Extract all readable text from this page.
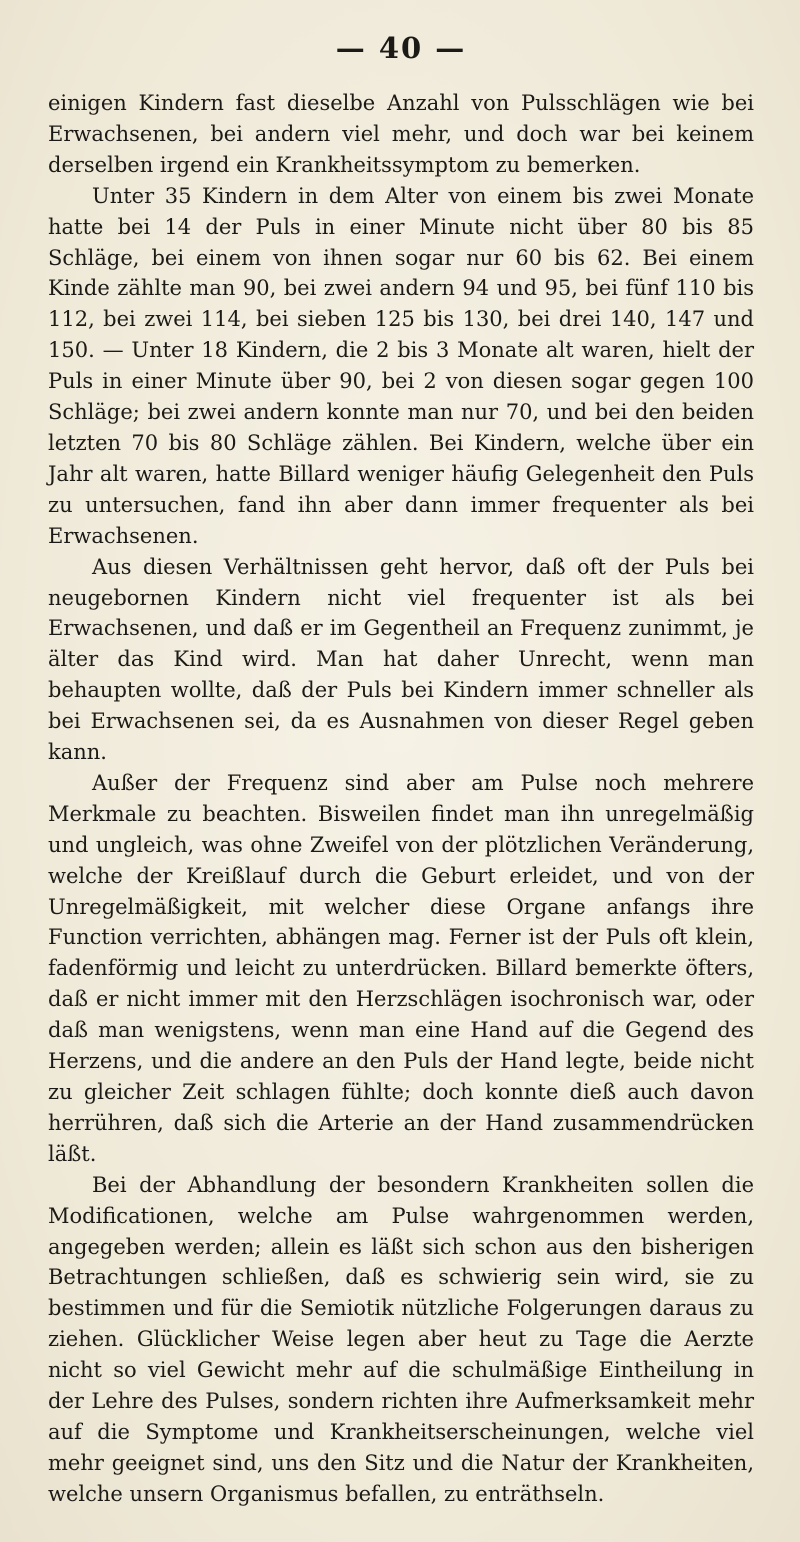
— 40 —

einigen Kindern fast dieselbe Anzahl von Pulsschlägen wie bei Erwachsenen, bei andern viel mehr, und doch war bei keinem derselben irgend ein Krankheitssymptom zu bemerken.

Unter 35 Kindern in dem Alter von einem bis zwei Monate hatte bei 14 der Puls in einer Minute nicht über 80 bis 85 Schläge, bei einem von ihnen sogar nur 60 bis 62. Bei einem Kinde zählte man 90, bei zwei andern 94 und 95, bei fünf 110 bis 112, bei zwei 114, bei sieben 125 bis 130, bei drei 140, 147 und 150. — Unter 18 Kindern, die 2 bis 3 Monate alt waren, hielt der Puls in einer Minute über 90, bei 2 von diesen sogar gegen 100 Schläge; bei zwei andern konnte man nur 70, und bei den beiden letzten 70 bis 80 Schläge zählen. Bei Kindern, welche über ein Jahr alt waren, hatte Billard weniger häufig Gelegenheit den Puls zu untersuchen, fand ihn aber dann immer frequenter als bei Erwachsenen.

Aus diesen Verhältnissen geht hervor, daß oft der Puls bei neugebornen Kindern nicht viel frequenter ist als bei Erwachsenen, und daß er im Gegentheil an Frequenz zunimmt, je älter das Kind wird. Man hat daher Unrecht, wenn man behaupten wollte, daß der Puls bei Kindern immer schneller als bei Erwachsenen sei, da es Ausnahmen von dieser Regel geben kann.

Außer der Frequenz sind aber am Pulse noch mehrere Merkmale zu beachten. Bisweilen findet man ihn unregelmäßig und ungleich, was ohne Zweifel von der plötzlichen Veränderung, welche der Kreißlauf durch die Geburt erleidet, und von der Unregelmäßigkeit, mit welcher diese Organe anfangs ihre Function verrichten, abhängen mag. Ferner ist der Puls oft klein, fadenförmig und leicht zu unterdrücken. Billard bemerkte öfters, daß er nicht immer mit den Herzschlägen isochronisch war, oder daß man wenigstens, wenn man eine Hand auf die Gegend des Herzens, und die andere an den Puls der Hand legte, beide nicht zu gleicher Zeit schlagen fühlte; doch konnte dieß auch davon herrühren, daß sich die Arterie an der Hand zusammendrücken läßt.

Bei der Abhandlung der besondern Krankheiten sollen die Modificationen, welche am Pulse wahrgenommen werden, angegeben werden; allein es läßt sich schon aus den bisherigen Betrachtungen schließen, daß es schwierig sein wird, sie zu bestimmen und für die Semiotik nützliche Folgerungen daraus zu ziehen. Glücklicher Weise legen aber heut zu Tage die Aerzte nicht so viel Gewicht mehr auf die schulmäßige Eintheilung in der Lehre des Pulses, sondern richten ihre Aufmerksamkeit mehr auf die Symptome und Krankheitserscheinungen, welche viel mehr geeignet sind, uns den Sitz und die Natur der Krankheiten, welche unsern Organismus befallen, zu enträthseln.
